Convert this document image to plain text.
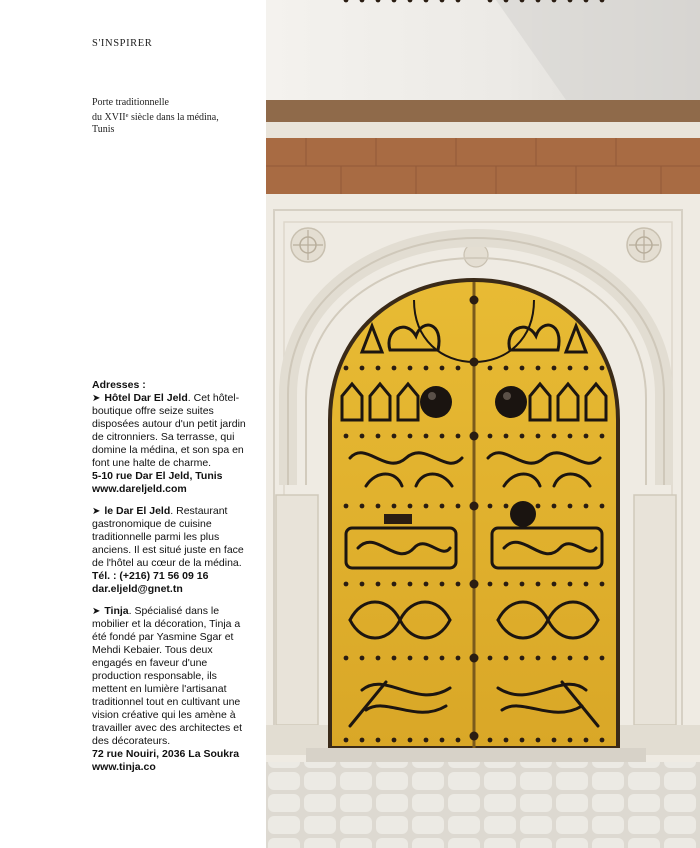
S'INSPIRER
Porte traditionnelle
du XVIIe siècle dans la médina,
Tunis

Adresses :

➤ Hôtel Dar El Jeld. Cet hôtel-boutique offre seize suites disposées autour d'un petit jardin de citronniers. Sa terrasse, qui domine la médina, et son spa en font une halte de charme.
5-10 rue Dar El Jeld, Tunis
www.dareljeld.com

➤ le Dar El Jeld. Restaurant gastronomique de cuisine traditionnelle parmi les plus anciens. Il est situé juste en face de l'hôtel au cœur de la médina.
Tél. : (+216) 71 56 09 16
dar.eljeld@gnet.tn

➤ Tinja. Spécialisé dans le mobilier et la décoration, Tinja a été fondé par Yasmine Sgar et Mehdi Kebaier. Tous deux engagés en faveur d'une production responsable, ils mettent en lumière l'artisanat traditionnel tout en cultivant une vision créative qui les amène à travailler avec des architectes et des décorateurs.
72 rue Nouiri, 2036 La Soukra
www.tinja.co
